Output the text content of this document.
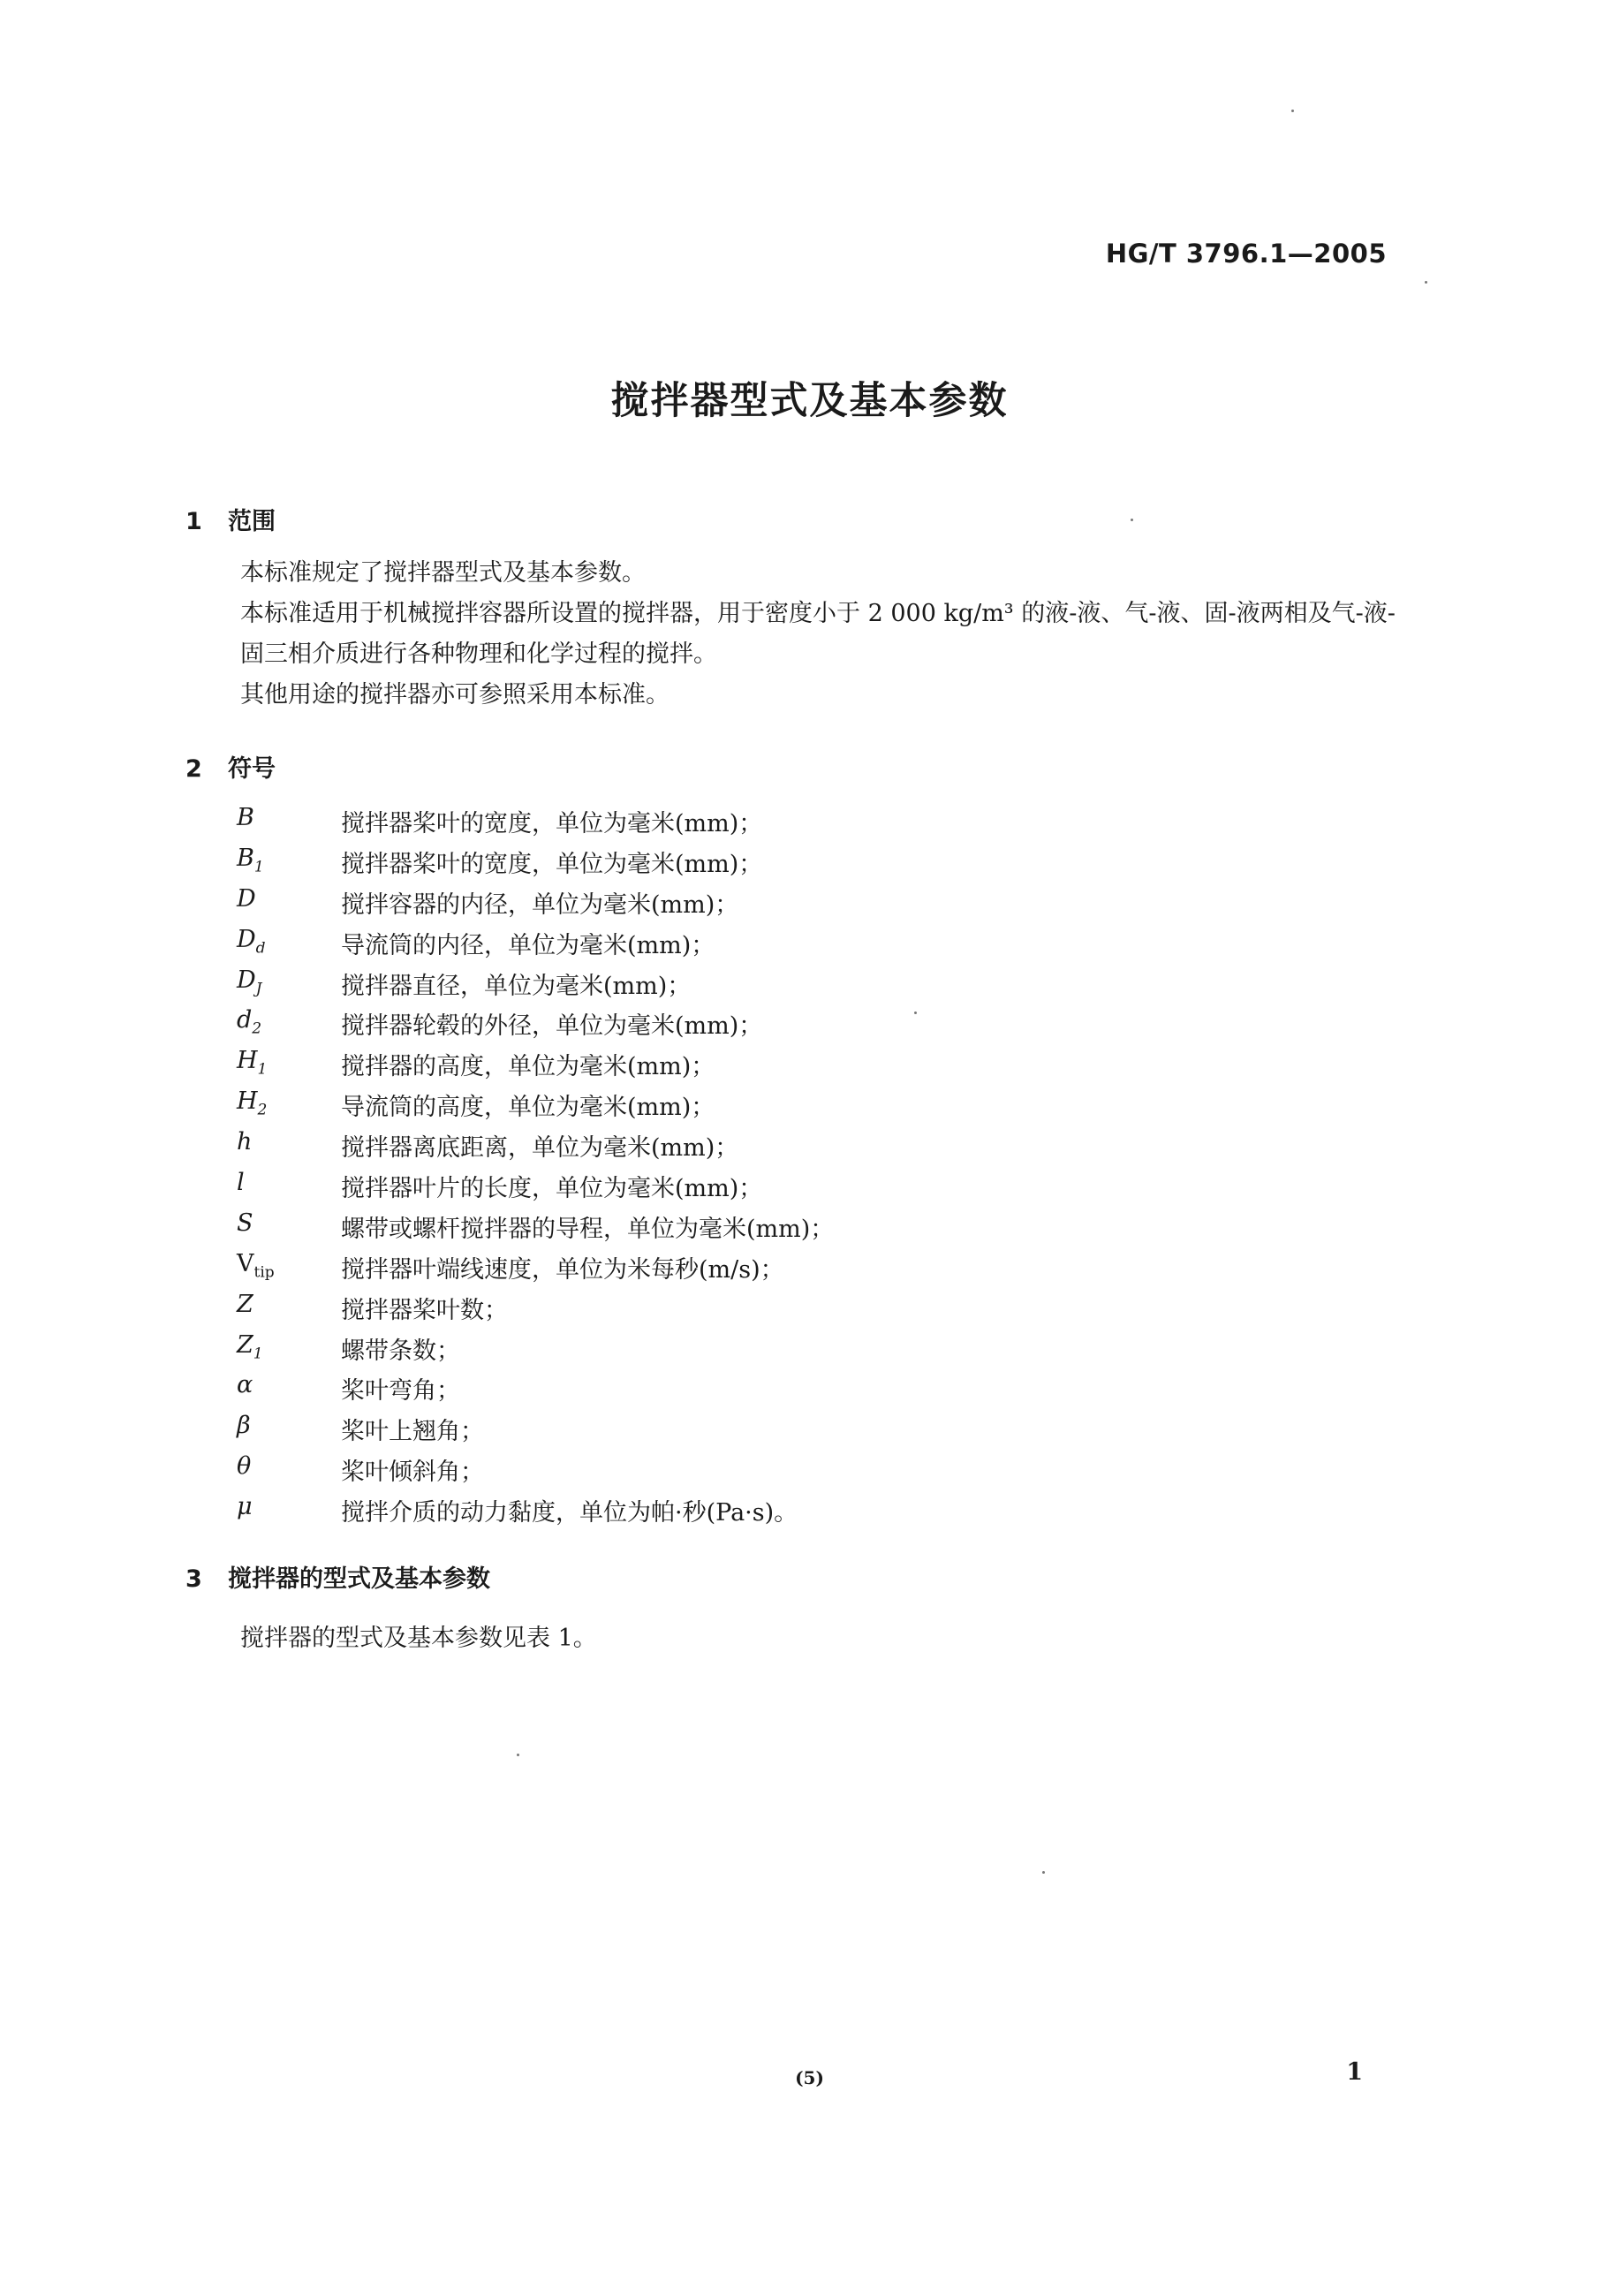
HG/T 3796.1—2005
搅拌器型式及基本参数
1 范围
本标准规定了搅拌器型式及基本参数。
本标准适用于机械搅拌容器所设置的搅拌器，用于密度小于 2 000 kg/m³ 的液-液、气-液、固-液两相及气-液-固三相介质进行各种物理和化学过程的搅拌。
其他用途的搅拌器亦可参照采用本标准。
2 符号
B	搅拌器桨叶的宽度，单位为毫米(mm)；
$B_1$	搅拌器桨叶的宽度，单位为毫米(mm)；
D	搅拌容器的内径，单位为毫米(mm)；
$D_d$	导流筒的内径，单位为毫米(mm)；
$D_J$	搅拌器直径，单位为毫米(mm)；
$d_2$	搅拌器轮毂的外径，单位为毫米(mm)；
$H_1$	搅拌器的高度，单位为毫米(mm)；
$H_2$	导流筒的高度，单位为毫米(mm)；
h	搅拌器离底距离，单位为毫米(mm)；
l	搅拌器叶片的长度，单位为毫米(mm)；
S	螺带或螺杆搅拌器的导程，单位为毫米(mm)；
$V_{tip}$	搅拌器叶端线速度，单位为米每秒(m/s)；
Z	搅拌器桨叶数；
$Z_1$	螺带条数；
α	桨叶弯角；
β	桨叶上翘角；
θ	桨叶倾斜角；
μ	搅拌介质的动力黏度，单位为帕·秒(Pa·s)。
3 搅拌器的型式及基本参数
搅拌器的型式及基本参数见表 1。
(5)	1
